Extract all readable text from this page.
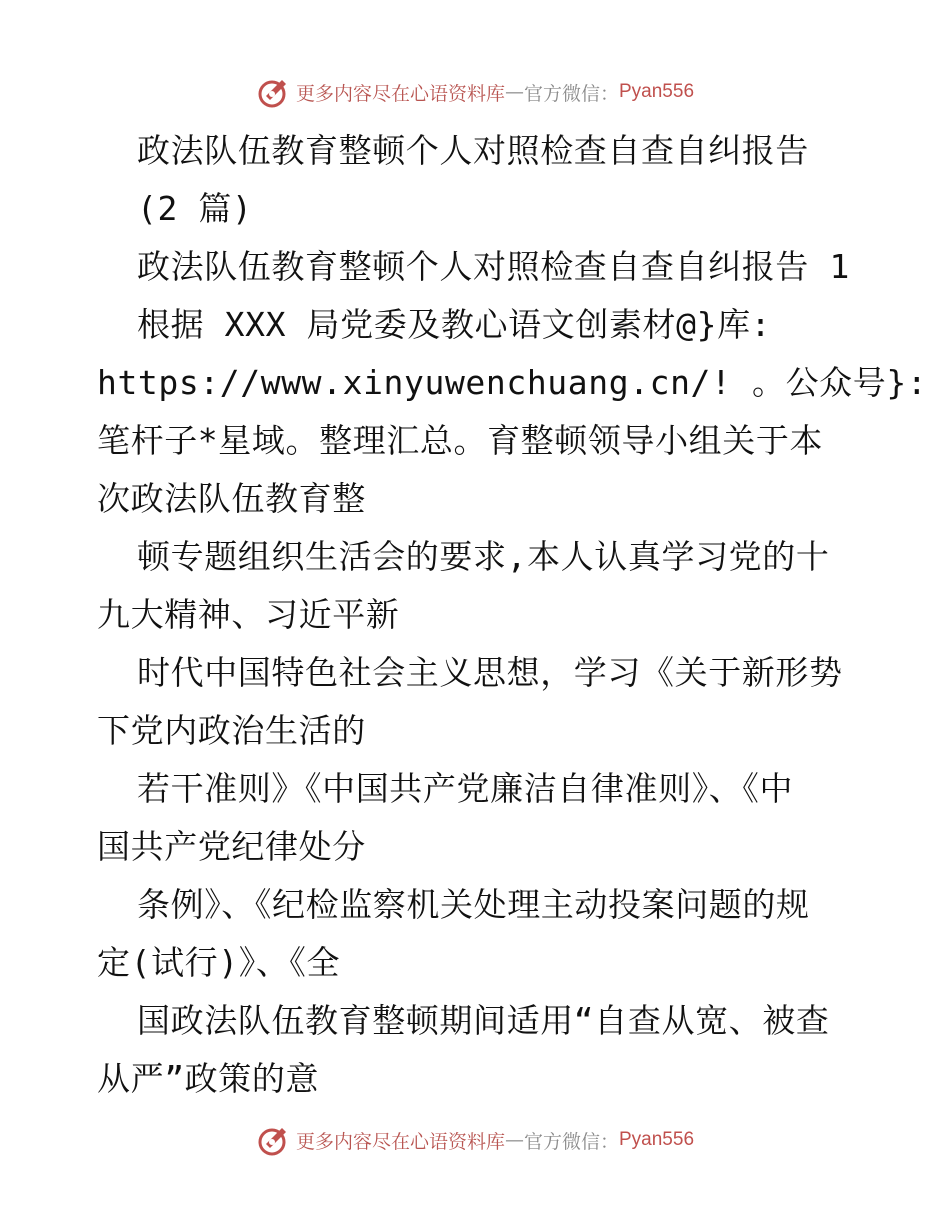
更多内容尽在心语资料库 — 官方微信： Pyan556
政法队伍教育整顿个人对照检查自查自纠报告
(2 篇)
政法队伍教育整顿个人对照检查自查自纠报告 1
根据 XXX 局党委及教心语文创素材@}库:
https://www.xinyuwenchuang.cn/! 。公众号}:
笔杆子*星域。整理汇总。育整顿领导小组关于本
次政法队伍教育整
顿专题组织生活会的要求,本人认真学习党的十
九大精神、习近平新
时代中国特色社会主义思想，学习《关于新形势
下党内政治生活的
若干准则》《中国共产党廉洁自律准则》、《中
国共产党纪律处分
条例》、《纪检监察机关处理主动投案问题的规
定(试行)》、《全
国政法队伍教育整顿期间适用“自查从宽、被查
从严”政策的意
更多内容尽在心语资料库 — 官方微信： Pyan556
